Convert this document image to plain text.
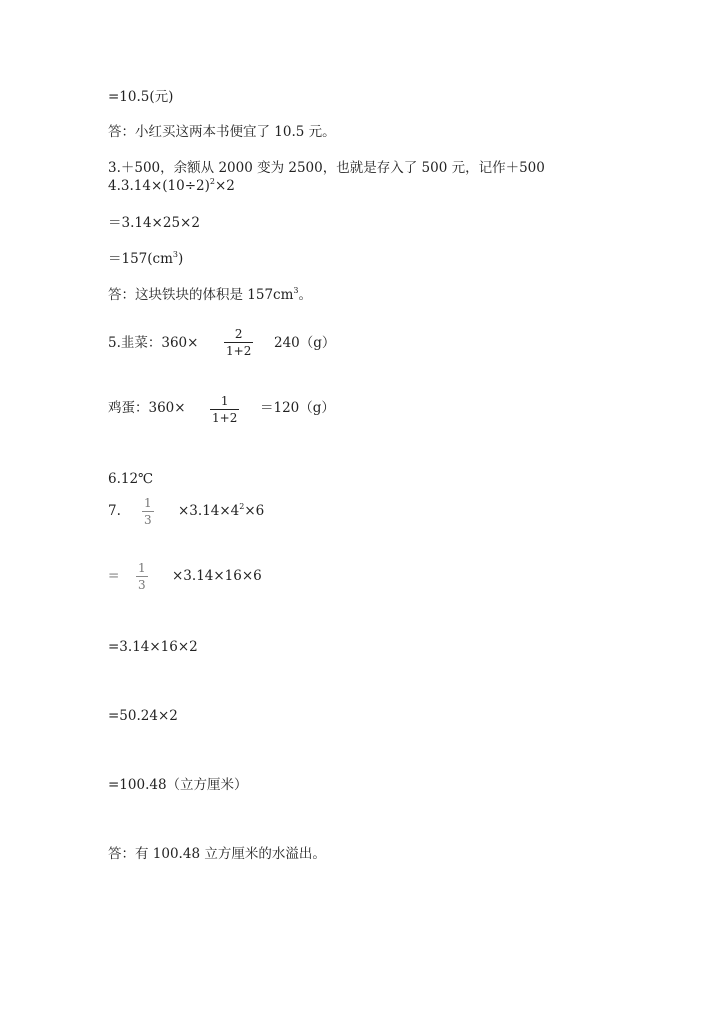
=10.5(元)
答：小红买这两本书便宜了 10.5 元。
3.＋500，余额从 2000 变为 2500，也就是存入了 500 元，记作＋500
$4.3.14\times(10\div 2)^2\times 2$
＝3.14×25×2
$=157(cm^3)$
答：这块铁块的体积是 $157cm^3$。
5.韭菜：360×
2
1+2 240（g）
鸡蛋：360×	1
1+2
＝120（g）
6.12℃
7. 1
3
$\times 3.14\times 4^2\times 6$
= 1
3
×3.14×16×6
=3.14×16×2
=50.24×2
=100.48（立方厘米）
答：有 100.48 立方厘米的水溢出。
